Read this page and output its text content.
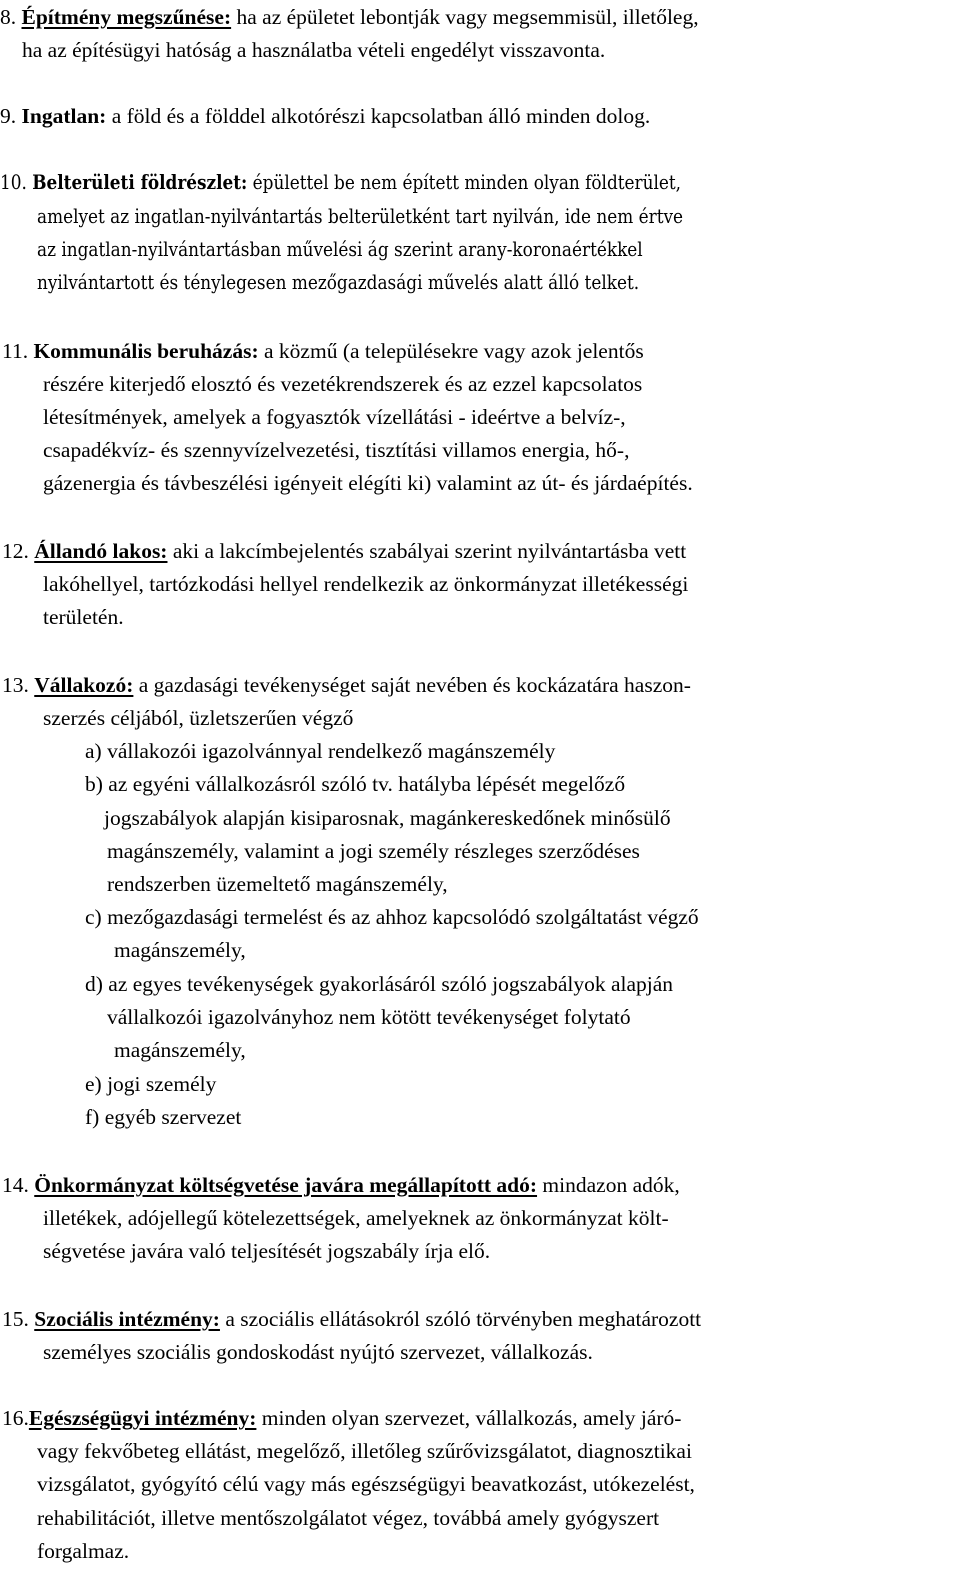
8. Építmény megszűnése: ha az épületet lebontják vagy megsemmisül, illetőleg,
ha az építésügyi hatóság a használatba vételi engedélyt visszavonta.
9. Ingatlan: a föld és a földdel alkotórészi kapcsolatban álló minden dolog.
10. Belterületi földrészlet: épülettel be nem épített minden olyan földterület,
amelyet az ingatlan-nyilvántartás belterületként tart nyilván, ide nem értve
az ingatlan-nyilvántartásban művelési ág szerint arany-koronaértékkel
nyilvántartott és ténylegesen mezőgazdasági művelés alatt álló telket.
11. Kommunális beruházás: a közmű (a településekre vagy azok jelentős
részére kiterjedő elosztó és vezetékrendszerek és az ezzel kapcsolatos
létesítmények, amelyek a fogyasztók vízellátási - ideértve a belvíz-,
csapadékvíz- és szennyvízelvezetési, tisztítási villamos energia, hő-,
gázenergia és távbeszélési igényeit elégíti ki) valamint az út- és járdaépítés.
12. Állandó lakos: aki a lakcímbejelentés szabályai szerint nyilvántartásba vett
lakóhellyel, tartózkodási hellyel rendelkezik az önkormányzat illetékességi
területén.
13. Vállakozó: a gazdasági tevékenységet saját nevében és kockázatára haszon-
szerzés céljából, üzletszerűen végző
a) vállakozói igazolvánnyal rendelkező magánszemély
b) az egyéni vállalkozásról szóló tv. hatályba lépését megelőző
jogszabályok alapján kisiparosnak, magánkereskedőnek minősülő
magánszemély, valamint a jogi személy részleges szerződéses
rendszerben üzemeltető magánszemély,
c) mezőgazdasági termelést és az ahhoz kapcsolódó szolgáltatást végző
magánszemély,
d) az egyes tevékenységek gyakorlásáról szóló jogszabályok alapján
vállalkozói igazolványhoz nem kötött tevékenységet folytató
magánszemély,
e) jogi személy
f) egyéb szervezet
14. Önkormányzat költségvetése javára megállapított adó: mindazon adók,
illetékek, adójellegű kötelezettségek, amelyeknek az önkormányzat költ-
ségvetése javára való teljesítését jogszabály írja elő.
15. Szociális intézmény: a szociális ellátásokról szóló törvényben meghatározott
személyes szociális gondoskodást nyújtó szervezet, vállalkozás.
16.Egészségügyi intézmény: minden olyan szervezet, vállalkozás, amely járó-
vagy fekvőbeteg ellátást, megelőző, illetőleg szűrővizsgálatot, diagnosztikai
vizsgálatot, gyógyító célú vagy más egészségügyi beavatkozást, utókezelést,
rehabilitációt, illetve mentőszolgálatot végez, továbbá amely gyógyszert
forgalmaz.
